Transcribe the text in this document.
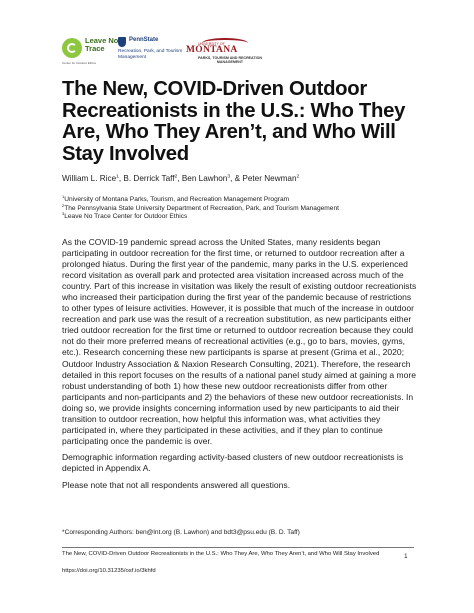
Leave No Trace
Center for Outdoor Ethics
PennState
Recreation, Park, and Tourism Management
UNIVERSITY OF
MONTANA
PARKS, TOURISM AND RECREATION MANAGEMENT
The New, COVID-Driven Outdoor Recreationists in the U.S.: Who They Are, Who They Aren’t, and Who Will Stay Involved
William L. Rice$^1$, B. Derrick Taff$^2$, Ben Lawhon$^3$, & Peter Newman$^2$
$^1$University of Montana Parks, Tourism, and Recreation Management Program
$^2$The Pennsylvania State University Department of Recreation, Park, and Tourism Management
$^3$Leave No Trace Center for Outdoor Ethics

As the COVID-19 pandemic spread across the United States, many residents began participating in outdoor recreation for the first time, or returned to outdoor recreation after a prolonged hiatus. During the first year of the pandemic, many parks in the U.S. experienced record visitation as overall park and protected area visitation increased across much of the country. Part of this increase in visitation was likely the result of existing outdoor recreationists who increased their participation during the first year of the pandemic because of restrictions to other types of leisure activities. However, it is possible that much of the increase in outdoor recreation and park use was the result of a recreation substitution, as new participants either tried outdoor recreation for the first time or returned to outdoor recreation because they could not do their more preferred means of recreational activities (e.g., go to bars, movies, gyms, etc.). Research concerning these new participants is sparse at present (Grima et al., 2020; Outdoor Industry Association & Naxion Research Consulting, 2021). Therefore, the research detailed in this report focuses on the results of a national panel study aimed at gaining a more robust understanding of both 1) how these new outdoor recreationists differ from other participants and non-participants and 2) the behaviors of these new outdoor recreationists. In doing so, we provide insights concerning information used by new participants to aid their transition to outdoor recreation, how helpful this information was, what activities they participated in, where they participated in these activities, and if they plan to continue participating once the pandemic is over.

Demographic information regarding activity-based clusters of new outdoor recreationists is depicted in Appendix A.

Please note that not all respondents answered all questions.

*Corresponding Authors: ben@lnt.org (B. Lawhon) and bdt3@psu.edu (B. D. Taff)
The New, COVID-Driven Outdoor Recreationists in the U.S.: Who They Are, Who They Aren’t, and Who Will Stay Involved	1
https://doi.org/10.31235/osf.io/3khfd
